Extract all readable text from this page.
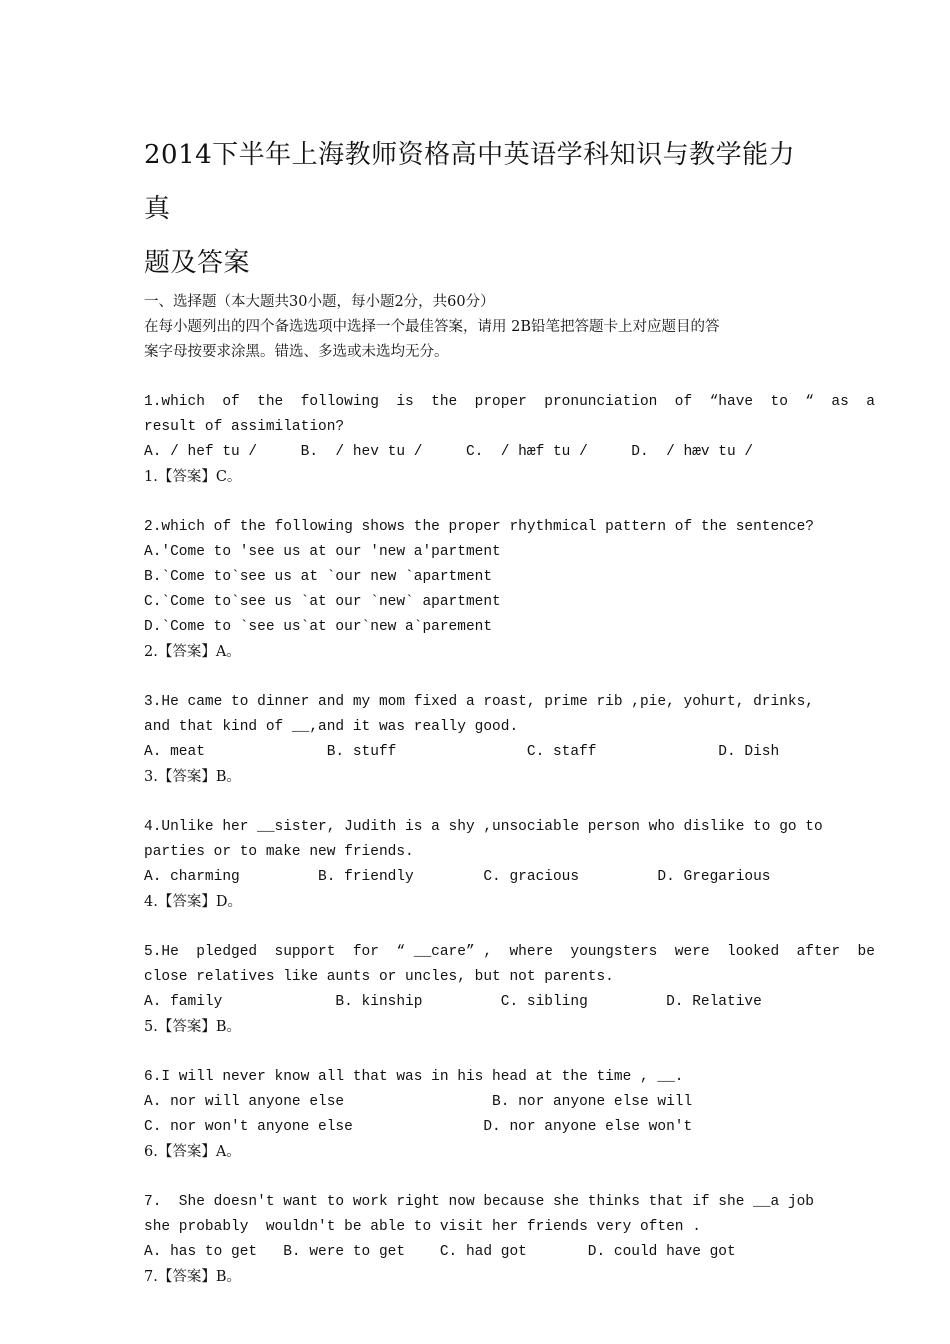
2014下半年上海教师资格高中英语学科知识与教学能力真

题及答案

一、选择题（本大题共30小题，每小题2分，共60分）

在每小题列出的四个备选选项中选择一个最佳答案，请用 2B铅笔把答题卡上对应题目的答

案字母按要求涂黑。错选、多选或未选均无分。

1.which  of  the  following  is  the  proper  pronunciation  of  “have  to  “  as  a

result of assimilation?

A. / hef tu /     B.  / hev tu /     C.  / hæf tu /     D.  / hæv tu /

1.【答案】C。

2.which of the following shows the proper rhythmical pattern of the sentence?

A.′Come to ′see us at our ′new a′partment

B.`Come to`see us at `our new `apartment

C.`Come to`see us `at our `new` apartment

D.`Come to `see us`at our`new a`parement

2.【答案】A。

3.He came to dinner and my mom fixed a roast, prime rib ,pie, yohurt, drinks,

and that kind of __,and it was really good.

A. meat              B. stuff               C. staff              D. Dish

3.【答案】B。

4.Unlike her __sister, Judith is a shy ,unsociable person who dislike to go to

parties or to make new friends.

A. charming         B. friendly        C. gracious         D. Gregarious

4.【答案】D。

5.He  pledged  support  for  “ __care” ,  where  youngsters  were  looked  after  be

close relatives like aunts or uncles, but not parents.

A. family             B. kinship         C. sibling         D. Relative

5.【答案】B。

6.I will never know all that was in his head at the time , __.

A. nor will anyone else                 B. nor anyone else will

C. nor won't anyone else               D. nor anyone else won't

6.【答案】A。

7.  She doesn′t want to work right now because she thinks that if she __a job

she probably  wouldn′t be able to visit her friends very often .

A. has to get   B. were to get    C. had got       D. could have got

7.【答案】B。
